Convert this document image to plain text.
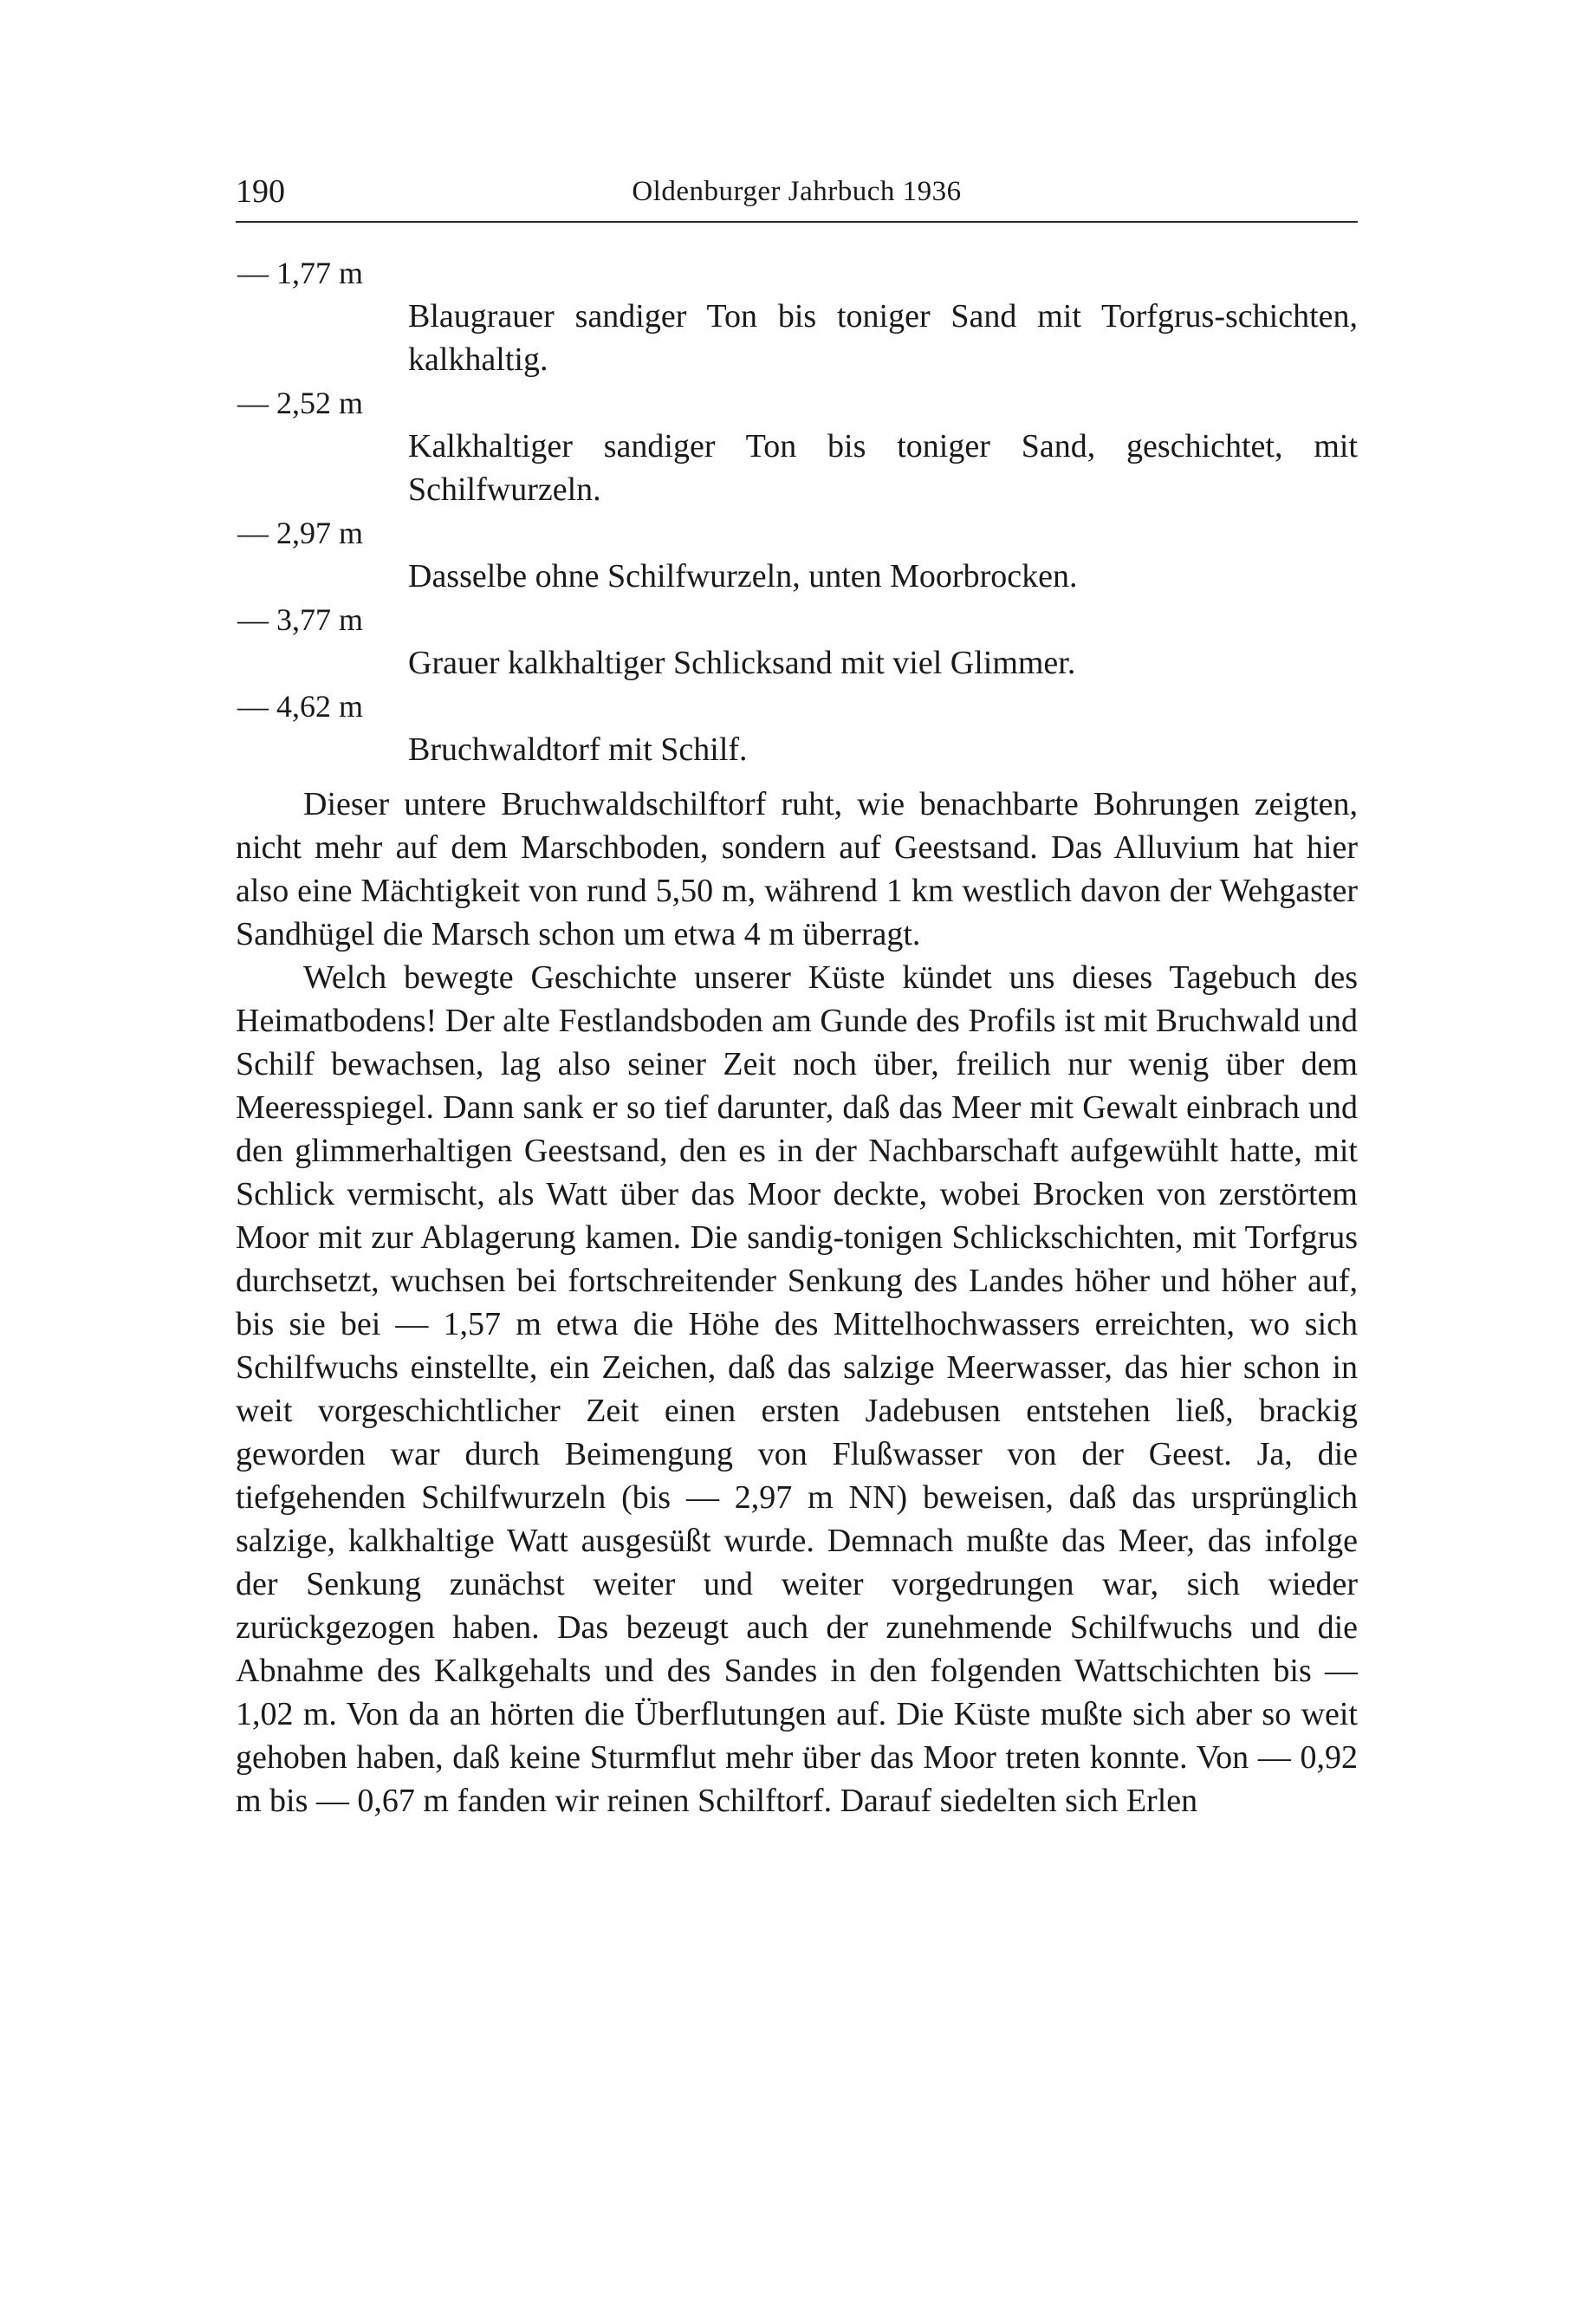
190	Oldenburger Jahrbuch 1936
— 1,77 m
Blaugrauer sandiger Ton bis toniger Sand mit Torfgrus-schichten, kalkhaltig.
— 2,52 m
Kalkhaltiger sandiger Ton bis toniger Sand, geschichtet, mit Schilfwurzeln.
— 2,97 m
Dasselbe ohne Schilfwurzeln, unten Moorbrocken.
— 3,77 m
Grauer kalkhaltiger Schlicksand mit viel Glimmer.
— 4,62 m
Bruchwaldtorf mit Schilf.

Dieser untere Bruchwaldschilftorf ruht, wie benachbarte Bohrungen zeigten, nicht mehr auf dem Marschboden, sondern auf Geestsand. Das Alluvium hat hier also eine Mächtigkeit von rund 5,50 m, während 1 km westlich davon der Wehgaster Sandhügel die Marsch schon um etwa 4 m überragt.

Welch bewegte Geschichte unserer Küste kündet uns dieses Tagebuch des Heimatbodens! Der alte Festlandsboden am Gunde des Profils ist mit Bruchwald und Schilf bewachsen, lag also seiner Zeit noch über, freilich nur wenig über dem Meeresspiegel. Dann sank er so tief darunter, daß das Meer mit Gewalt einbrach und den glimmerhaltigen Geestsand, den es in der Nachbarschaft aufgewühlt hatte, mit Schlick vermischt, als Watt über das Moor deckte, wobei Brocken von zerstörtem Moor mit zur Ablagerung kamen. Die sandig-tonigen Schlickschichten, mit Torfgrus durchsetzt, wuchsen bei fortschreitender Senkung des Landes höher und höher auf, bis sie bei — 1,57 m etwa die Höhe des Mittelhochwassers erreichten, wo sich Schilfwuchs einstellte, ein Zeichen, daß das salzige Meerwasser, das hier schon in weit vorgeschichtlicher Zeit einen ersten Jadebusen entstehen ließ, brackig geworden war durch Beimengung von Flußwasser von der Geest. Ja, die tiefgehenden Schilfwurzeln (bis — 2,97 m NN) beweisen, daß das ursprünglich salzige, kalkhaltige Watt ausgesüßt wurde. Demnach mußte das Meer, das infolge der Senkung zunächst weiter und weiter vorgedrungen war, sich wieder zurückgezogen haben. Das bezeugt auch der zunehmende Schilfwuchs und die Abnahme des Kalkgehalts und des Sandes in den folgenden Wattschichten bis — 1,02 m. Von da an hörten die Überflutungen auf. Die Küste mußte sich aber so weit gehoben haben, daß keine Sturmflut mehr über das Moor treten konnte. Von — 0,92 m bis — 0,67 m fanden wir reinen Schilftorf. Darauf siedelten sich Erlen
